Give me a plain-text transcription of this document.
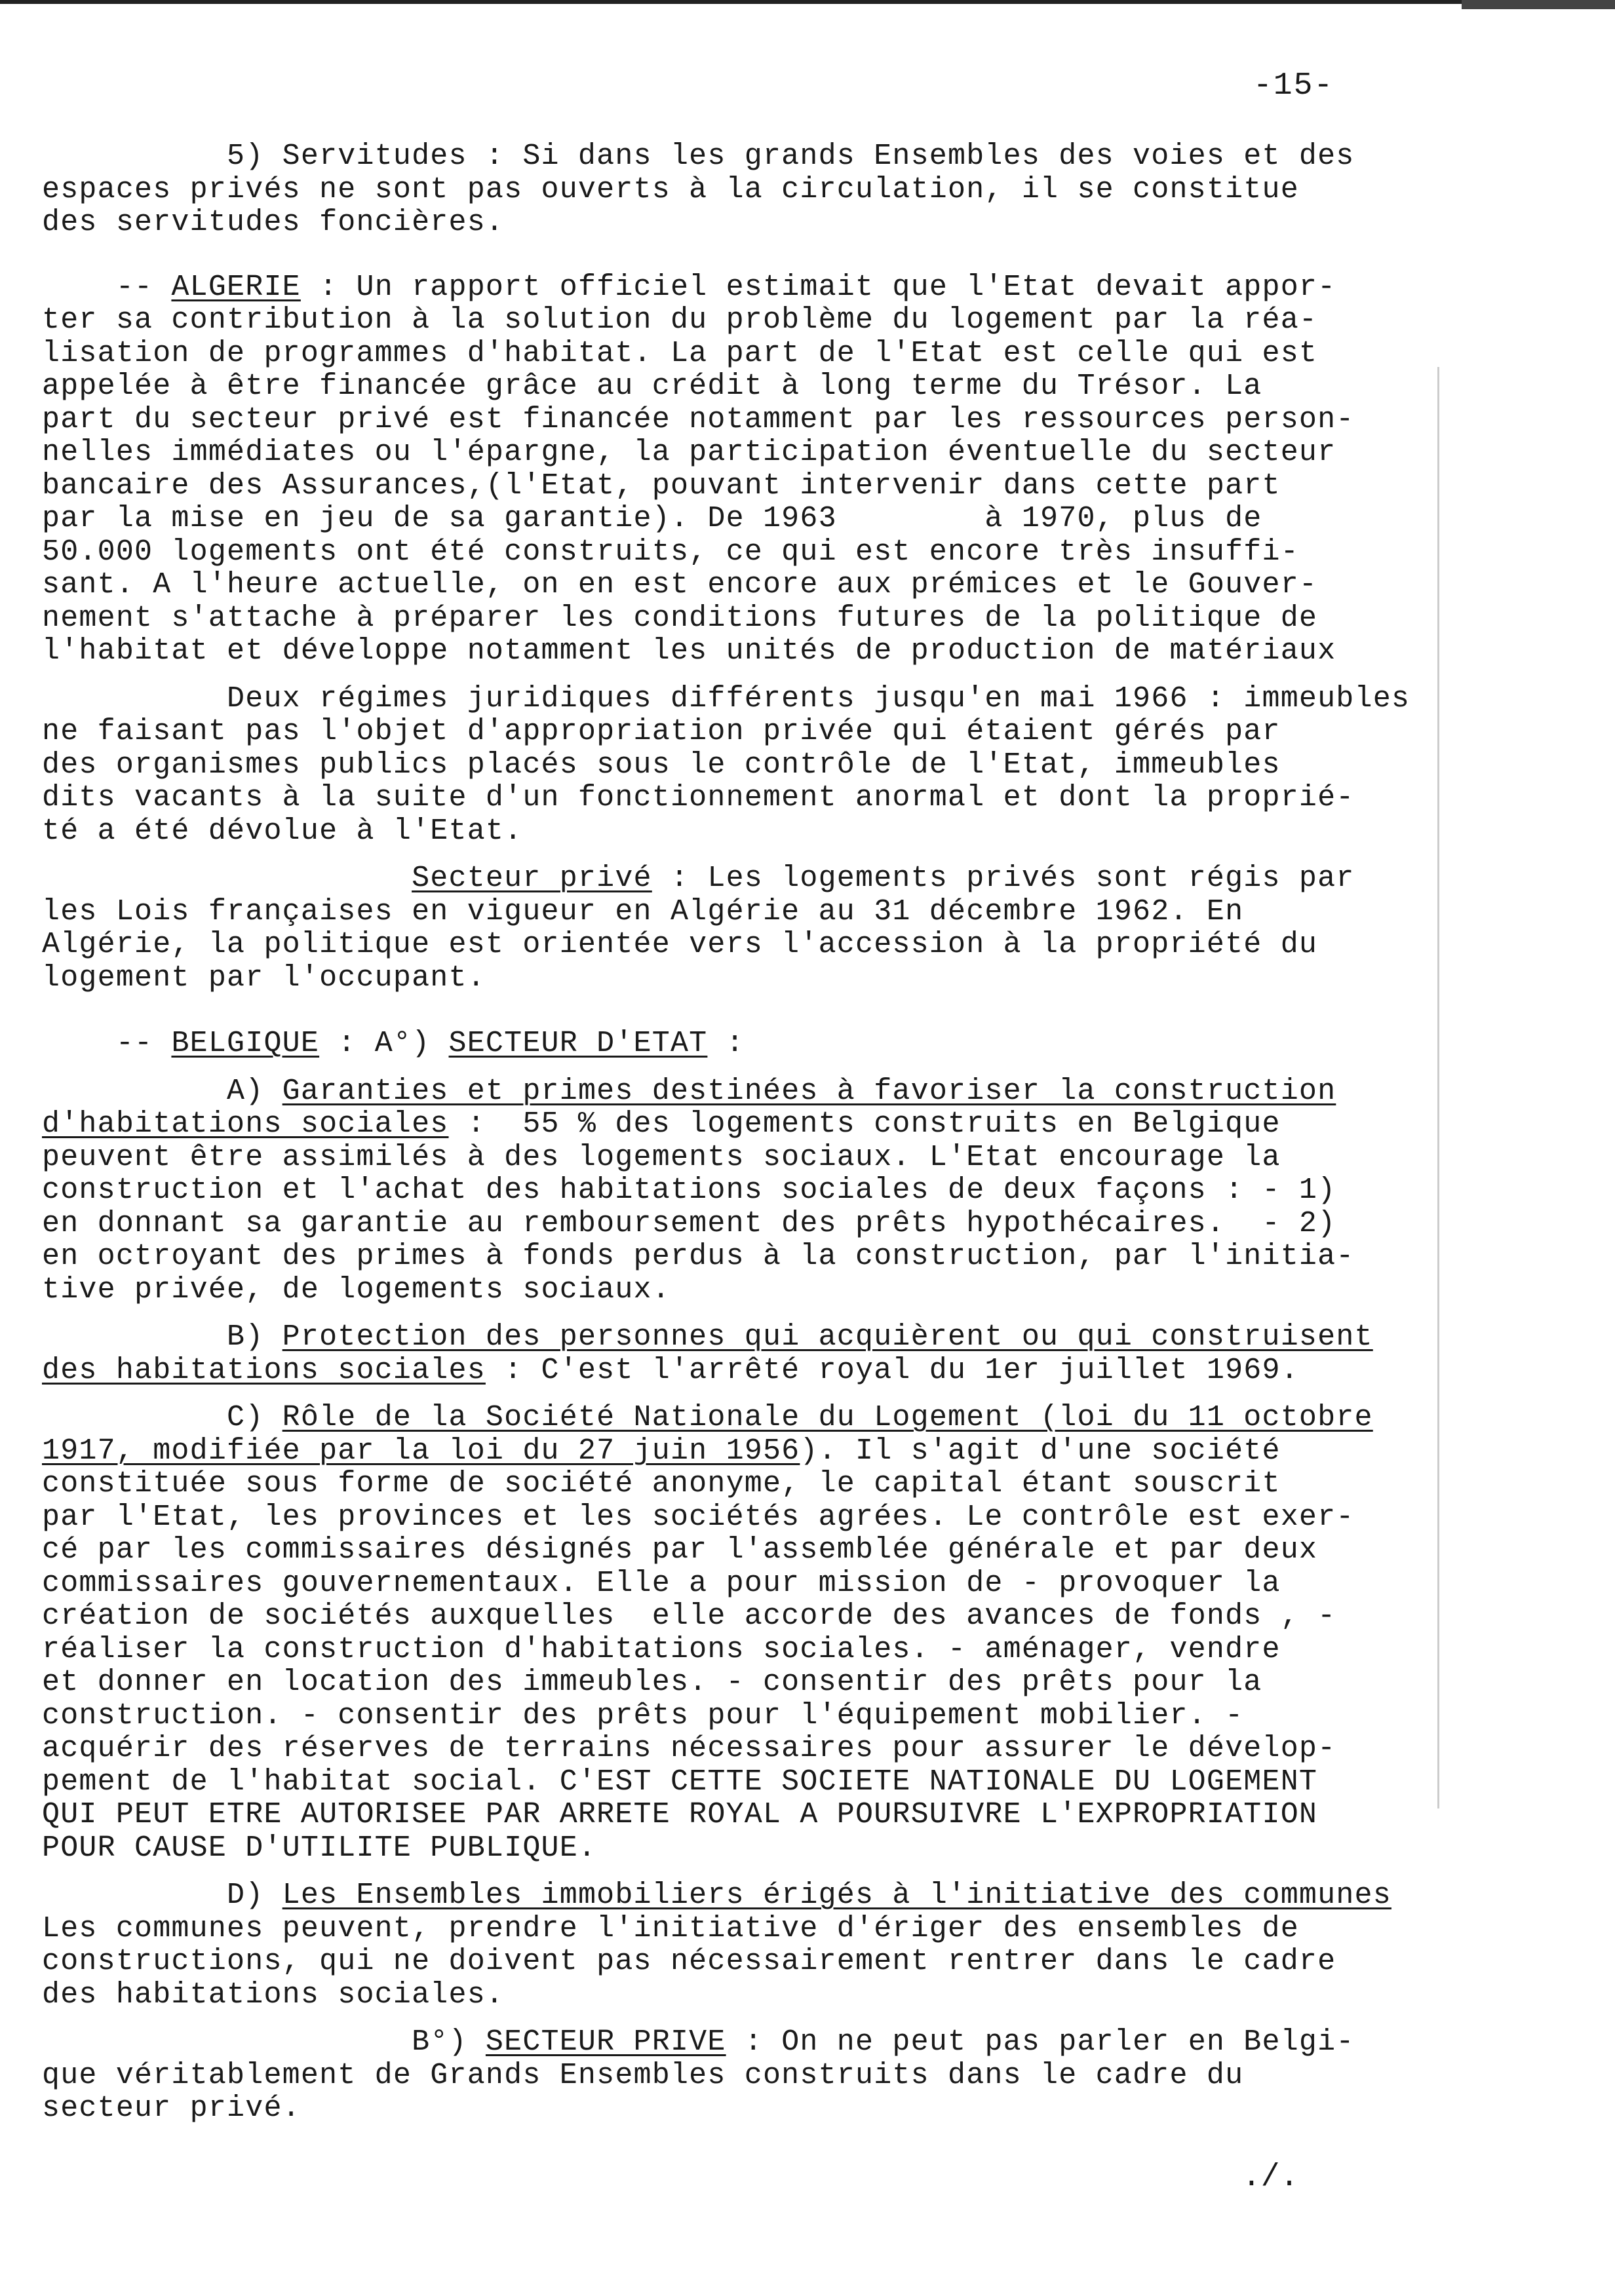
-15-
5) Servitudes : Si dans les grands Ensembles des voies et des
espaces privés ne sont pas ouverts à la circulation, il se constitue
des servitudes foncières.
-- ALGERIE : Un rapport officiel estimait que l'Etat devait appor-
ter sa contribution à la solution du problème du logement par la réa-
lisation de programmes d'habitat. La part de l'Etat est celle qui est
appelée à être financée grâce au crédit à long terme du Trésor. La
part du secteur privé est financée notamment par les ressources person-
nelles immédiates ou l'épargne, la participation éventuelle du secteur
bancaire des Assurances,(l'Etat, pouvant intervenir dans cette part
par la mise en jeu de sa garantie). De 1963        à 1970, plus de
50.000 logements ont été construits, ce qui est encore très insuffi-
sant. A l'heure actuelle, on en est encore aux prémices et le Gouver-
nement s'attache à préparer les conditions futures de la politique de
l'habitat et développe notamment les unités de production de matériaux
Deux régimes juridiques différents jusqu'en mai 1966 : immeubles
ne faisant pas l'objet d'appropriation privée qui étaient gérés par
des organismes publics placés sous le contrôle de l'Etat, immeubles
dits vacants à la suite d'un fonctionnement anormal et dont la proprié-
té a été dévolue à l'Etat.
Secteur privé : Les logements privés sont régis par
les Lois françaises en vigueur en Algérie au 31 décembre 1962. En
Algérie, la politique est orientée vers l'accession à la propriété du
logement par l'occupant.
-- BELGIQUE : A°) SECTEUR D'ETAT :
A) Garanties et primes destinées à favoriser la construction
d'habitations sociales :  55 % des logements construits en Belgique
peuvent être assimilés à des logements sociaux. L'Etat encourage la
construction et l'achat des habitations sociales de deux façons : - 1)
en donnant sa garantie au remboursement des prêts hypothécaires.  - 2)
en octroyant des primes à fonds perdus à la construction, par l'initia-
tive privée, de logements sociaux.
B) Protection des personnes qui acquièrent ou qui construisent
des habitations sociales : C'est l'arrêté royal du 1er juillet 1969.
C) Rôle de la Société Nationale du Logement (loi du 11 octobre
1917, modifiée par la loi du 27 juin 1956). Il s'agit d'une société
constituée sous forme de société anonyme, le capital étant souscrit
par l'Etat, les provinces et les sociétés agrées. Le contrôle est exer-
cé par les commissaires désignés par l'assemblée générale et par deux
commissaires gouvernementaux. Elle a pour mission de - provoquer la
création de sociétés auxquelles  elle accorde des avances de fonds , -
réaliser la construction d'habitations sociales. - aménager, vendre
et donner en location des immeubles. - consentir des prêts pour la
construction. - consentir des prêts pour l'équipement mobilier. -
acquérir des réserves de terrains nécessaires pour assurer le dévelop-
pement de l'habitat social. C'EST CETTE SOCIETE NATIONALE DU LOGEMENT
QUI PEUT ETRE AUTORISEE PAR ARRETE ROYAL A POURSUIVRE L'EXPROPRIATION
POUR CAUSE D'UTILITE PUBLIQUE.
D) Les Ensembles immobiliers érigés à l'initiative des communes
Les communes peuvent, prendre l'initiative d'ériger des ensembles de
constructions, qui ne doivent pas nécessairement rentrer dans le cadre
des habitations sociales.
B°) SECTEUR PRIVE : On ne peut pas parler en Belgi-
que véritablement de Grands Ensembles construits dans le cadre du
secteur privé.
./.
